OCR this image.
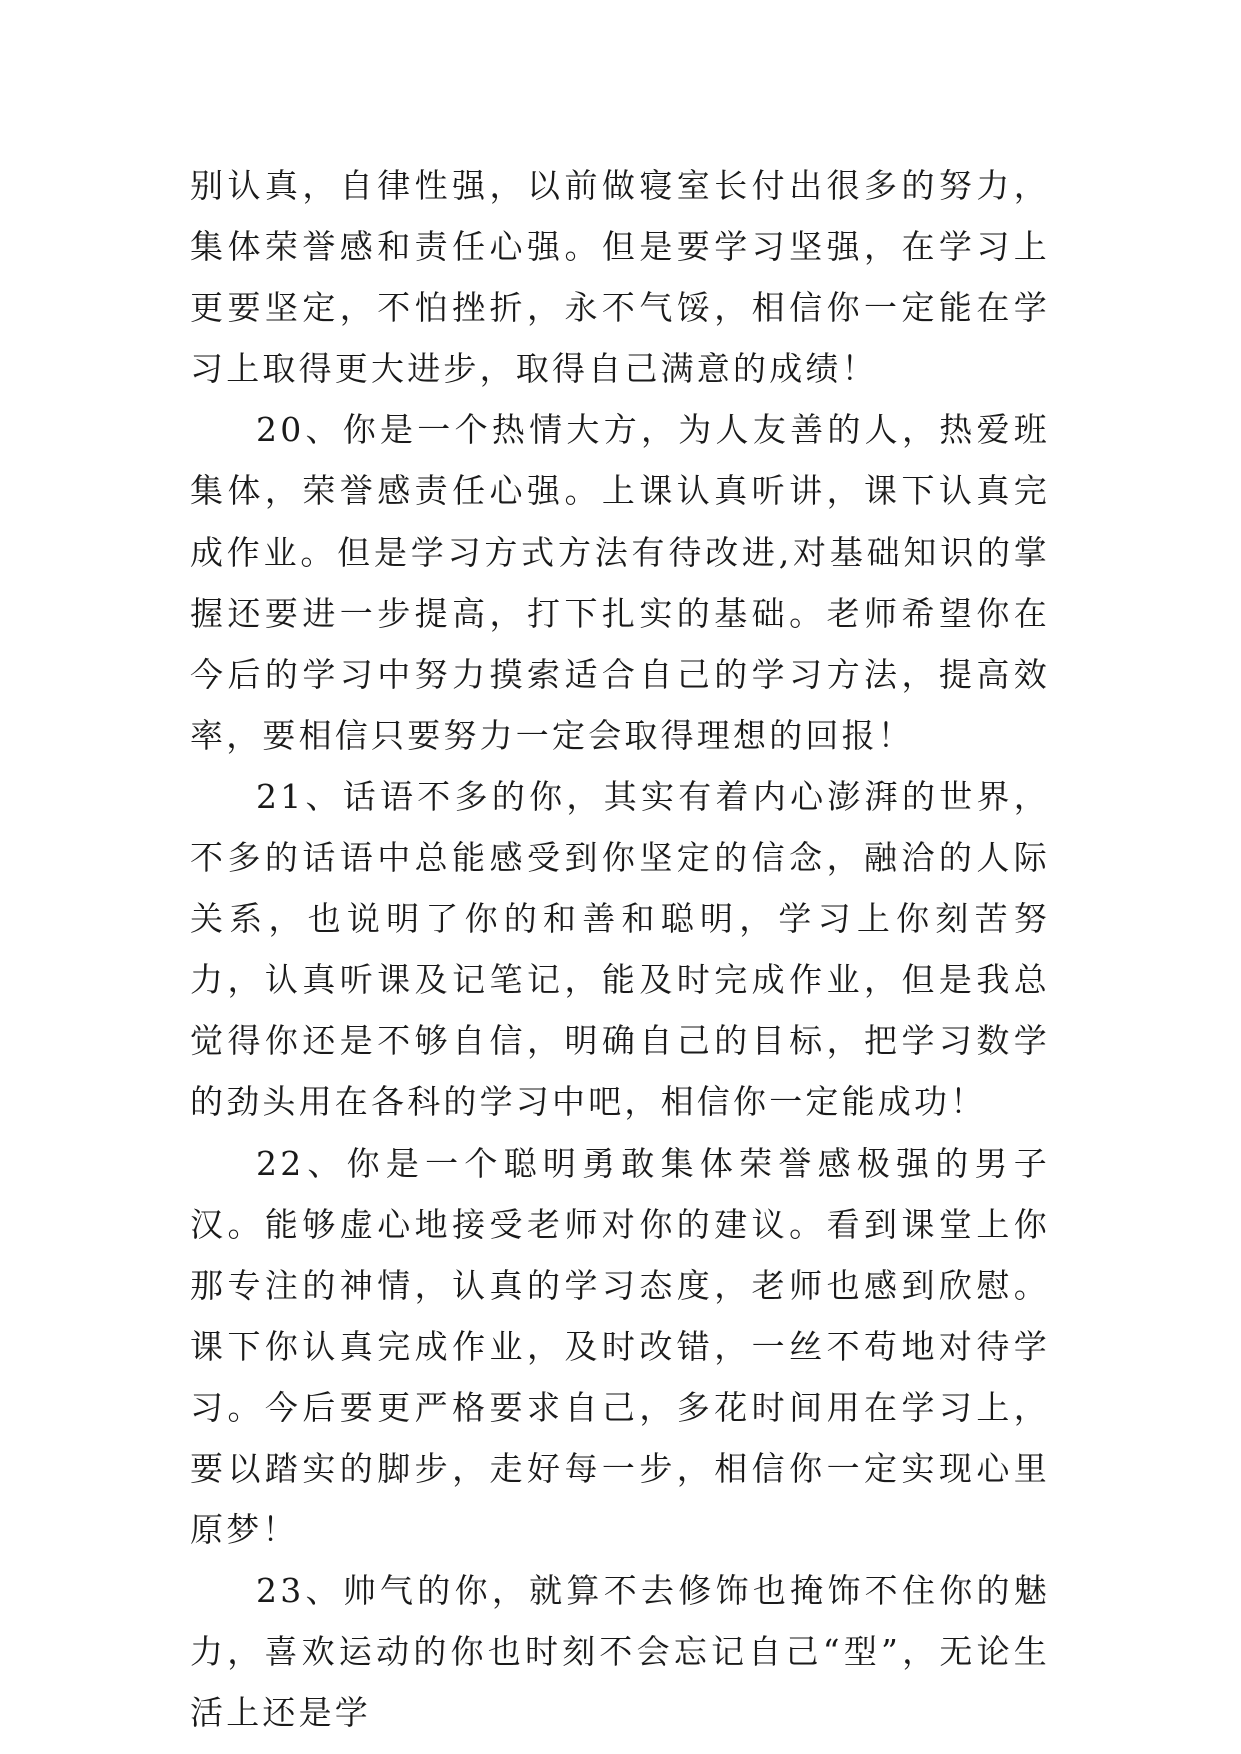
别认真，自律性强，以前做寝室长付出很多的努力，集体荣誉感和责任心强。但是要学习坚强，在学习上更要坚定，不怕挫折，永不气馁，相信你一定能在学习上取得更大进步，取得自己满意的成绩！

20、你是一个热情大方，为人友善的人，热爱班集体，荣誉感责任心强。上课认真听讲，课下认真完成作业。但是学习方式方法有待改进,对基础知识的掌握还要进一步提高，打下扎实的基础。老师希望你在今后的学习中努力摸索适合自己的学习方法，提高效率，要相信只要努力一定会取得理想的回报！

21、话语不多的你，其实有着内心澎湃的世界，不多的话语中总能感受到你坚定的信念，融洽的人际关系，也说明了你的和善和聪明，学习上你刻苦努力，认真听课及记笔记，能及时完成作业，但是我总觉得你还是不够自信，明确自己的目标，把学习数学的劲头用在各科的学习中吧，相信你一定能成功！

22、你是一个聪明勇敢集体荣誉感极强的男子汉。能够虚心地接受老师对你的建议。看到课堂上你那专注的神情，认真的学习态度，老师也感到欣慰。课下你认真完成作业，及时改错，一丝不苟地对待学习。今后要更严格要求自己，多花时间用在学习上，要以踏实的脚步，走好每一步，相信你一定实现心里原梦！

23、帅气的你，就算不去修饰也掩饰不住你的魅力，喜欢运动的你也时刻不会忘记自己“型”，无论生活上还是学
